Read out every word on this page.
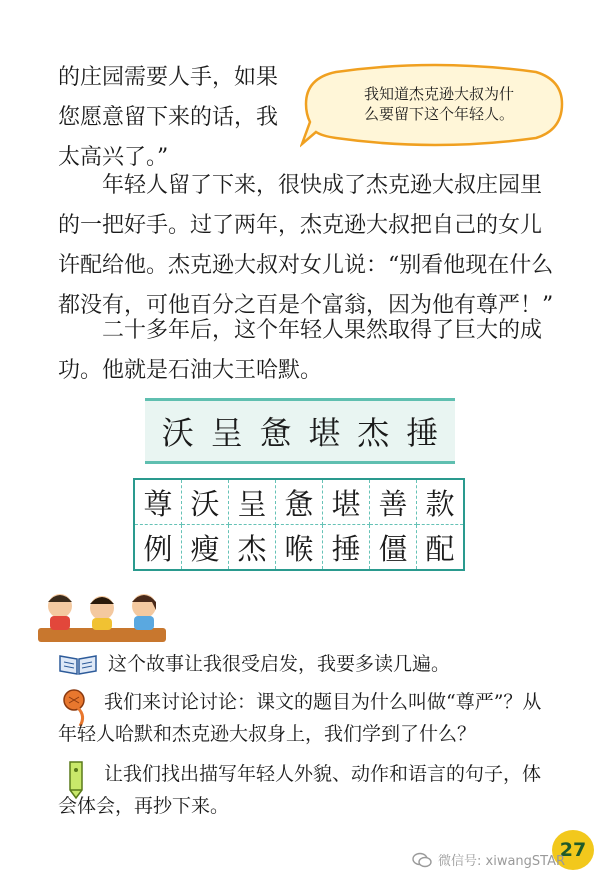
的庄园需要人手，如果
您愿意留下来的话，我
太高兴了。”
我知道杰克逊大叔为什
么要留下这个年轻人。
　　年轻人留了下来，很快成了杰克逊大叔庄园里
的一把好手。过了两年，杰克逊大叔把自己的女儿
许配给他。杰克逊大叔对女儿说：“别看他现在什么
都没有，可他百分之百是个富翁，因为他有尊严！”
　　二十多年后，这个年轻人果然取得了巨大的成
功。他就是石油大王哈默。
沃 呈 惫 堪 杰 捶
尊	沃	呈	惫	堪	善	款
例	瘦	杰	喉	捶	僵	配
这个故事让我很受启发，我要多读几遍。
我们来讨论讨论：课文的题目为什么叫做“尊严”？从
年轻人哈默和杰克逊大叔身上，我们学到了什么？
让我们找出描写年轻人外貌、动作和语言的句子，体
会体会，再抄下来。
27
微信号: xiwangSTAR
